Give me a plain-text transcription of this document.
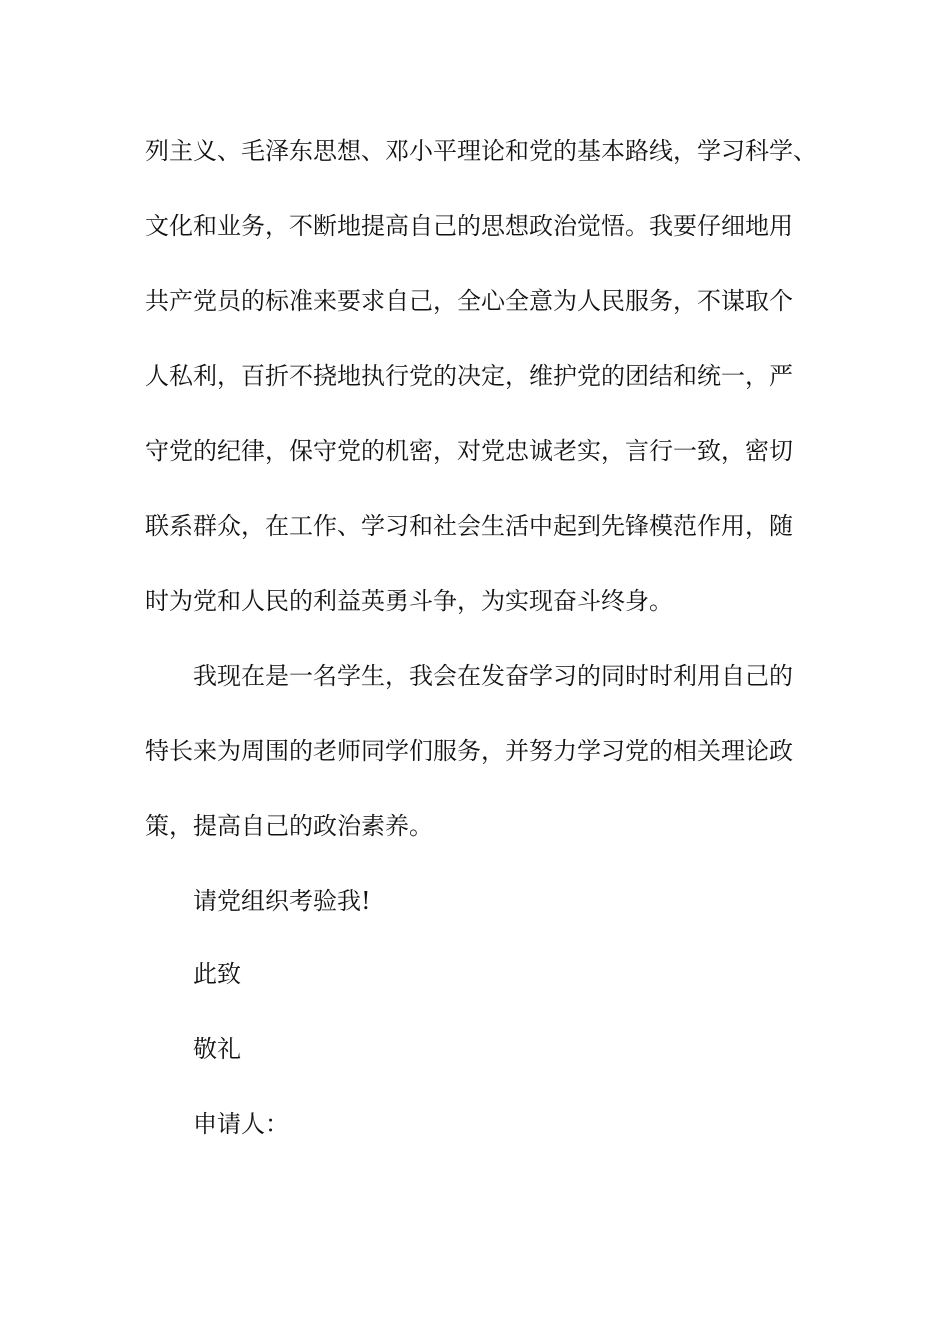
列主义、毛泽东思想、邓小平理论和党的基本路线，学习科学、
文化和业务，不断地提高自己的思想政治觉悟。我要仔细地用
共产党员的标准来要求自己，全心全意为人民服务，不谋取个
人私利，百折不挠地执行党的决定，维护党的团结和统一，严
守党的纪律，保守党的机密，对党忠诚老实，言行一致，密切
联系群众，在工作、学习和社会生活中起到先锋模范作用，随
时为党和人民的利益英勇斗争，为实现奋斗终身。
我现在是一名学生，我会在发奋学习的同时时利用自己的
特长来为周围的老师同学们服务，并努力学习党的相关理论政
策，提高自己的政治素养。
请党组织考验我!
此致
敬礼
申请人：
